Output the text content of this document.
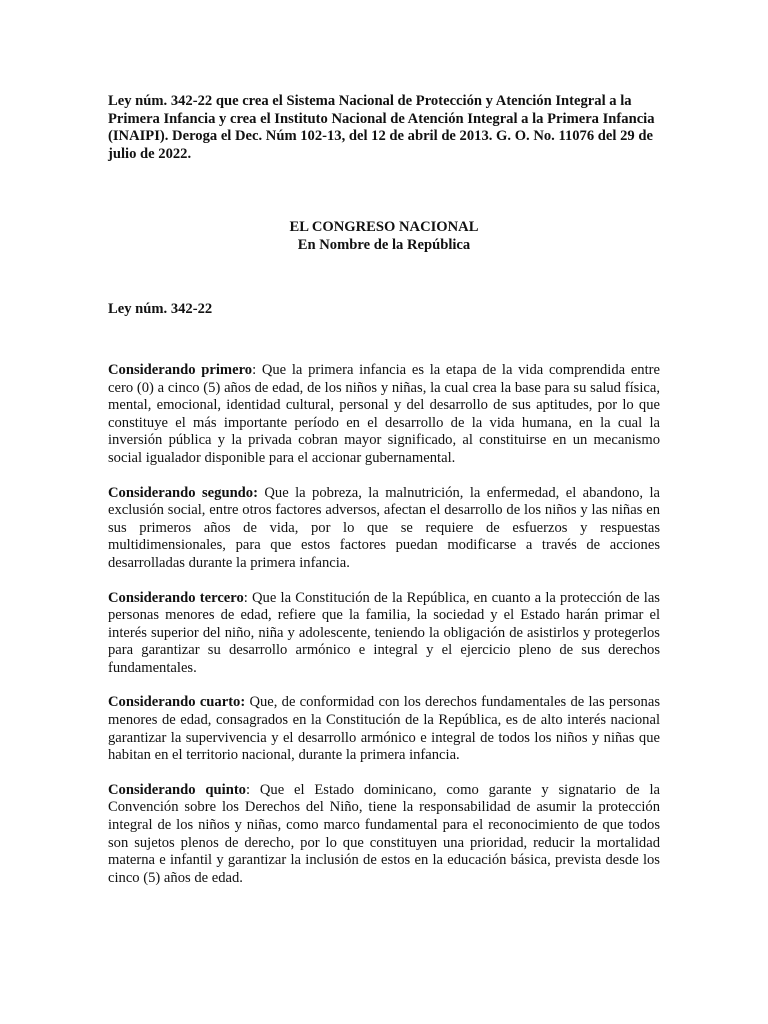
Ley núm. 342-22 que crea el Sistema Nacional de Protección y Atención Integral a la Primera Infancia y crea el Instituto Nacional de Atención Integral a la Primera Infancia (INAIPI). Deroga el Dec. Núm 102-13, del 12 de abril de 2013. G. O. No. 11076 del 29 de julio de 2022.

EL CONGRESO NACIONAL
En Nombre de la República
Ley núm. 342-22

Considerando primero: Que la primera infancia es la etapa de la vida comprendida entre cero (0) a cinco (5) años de edad, de los niños y niñas, la cual crea la base para su salud física, mental, emocional, identidad cultural, personal y del desarrollo de sus aptitudes, por lo que constituye el más importante período en el desarrollo de la vida humana, en la cual la inversión pública y la privada cobran mayor significado, al constituirse en un mecanismo social igualador disponible para el accionar gubernamental.

Considerando segundo: Que la pobreza, la malnutrición, la enfermedad, el abandono, la exclusión social, entre otros factores adversos, afectan el desarrollo de los niños y las niñas en sus primeros años de vida, por lo que se requiere de esfuerzos y respuestas multidimensionales, para que estos factores puedan modificarse a través de acciones desarrolladas durante la primera infancia.

Considerando tercero: Que la Constitución de la República, en cuanto a la protección de las personas menores de edad, refiere que la familia, la sociedad y el Estado harán primar el interés superior del niño, niña y adolescente, teniendo la obligación de asistirlos y protegerlos para garantizar su desarrollo armónico e integral y el ejercicio pleno de sus derechos fundamentales.

Considerando cuarto: Que, de conformidad con los derechos fundamentales de las personas menores de edad, consagrados en la Constitución de la República, es de alto interés nacional garantizar la supervivencia y el desarrollo armónico e integral de todos los niños y niñas que habitan en el territorio nacional, durante la primera infancia.

Considerando quinto: Que el Estado dominicano, como garante y signatario de la Convención sobre los Derechos del Niño, tiene la responsabilidad de asumir la protección integral de los niños y niñas, como marco fundamental para el reconocimiento de que todos son sujetos plenos de derecho, por lo que constituyen una prioridad, reducir la mortalidad materna e infantil y garantizar la inclusión de estos en la educación básica, prevista desde los cinco (5) años de edad.
